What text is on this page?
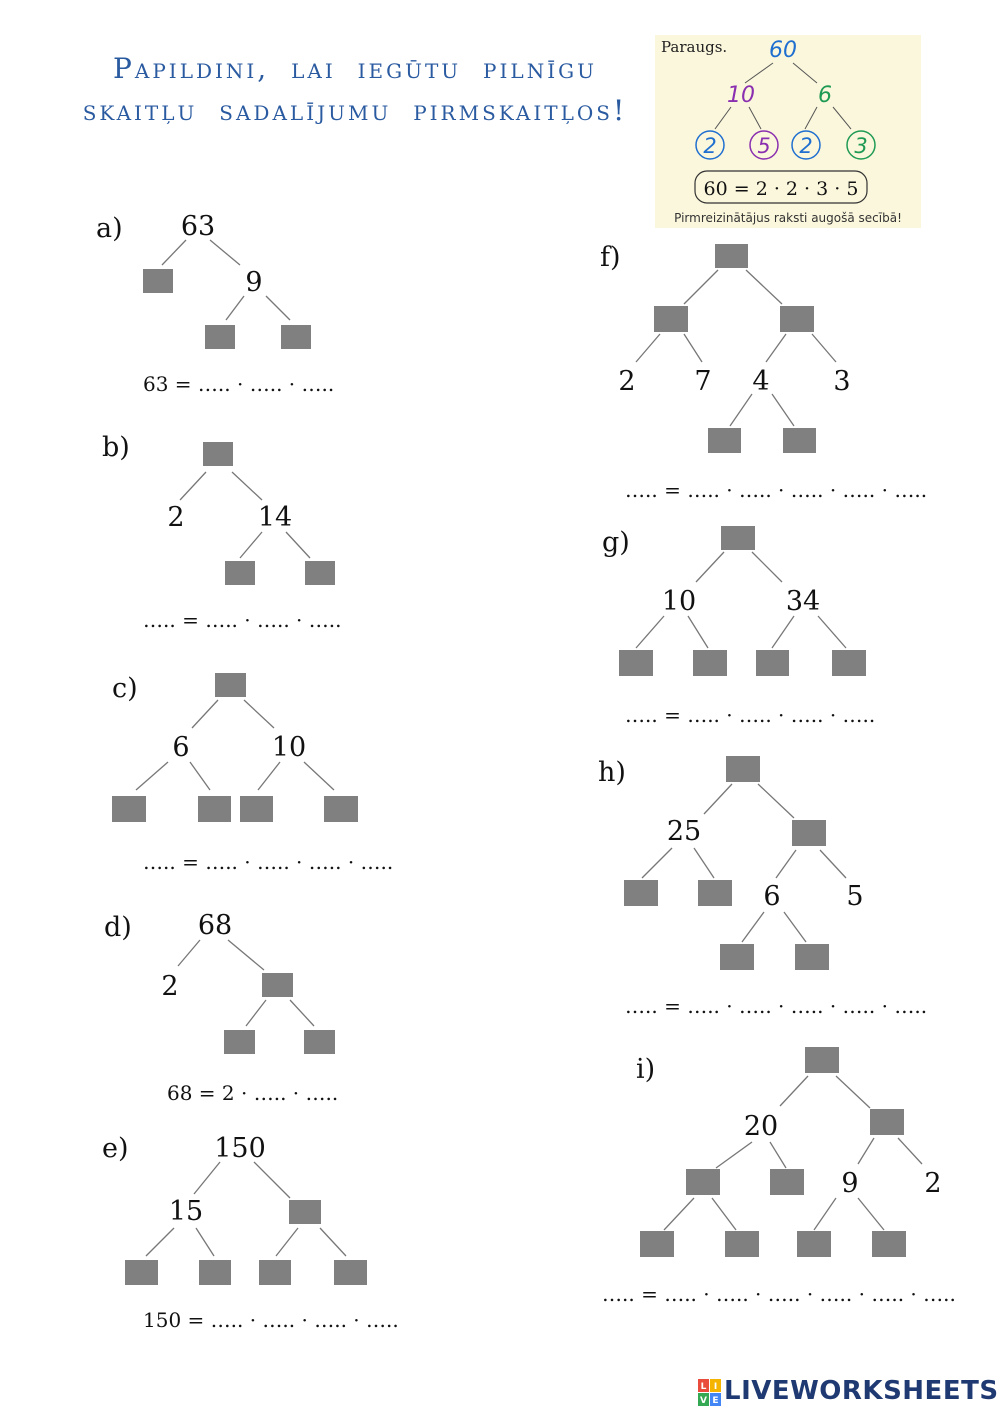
Papildini, lai iegūtu pilnīgu
skaitļu sadalījumu pirmskaitļos!
Paraugs. 60
10	6
2 5 2 3
60 = 2 · 2 · 3 · 5
Pirmreizinātājus raksti augošā secībā!
63
9
2	14
6	10
68
2
150
15
2 7 4 3
10	34
25
6 5
20
9 2
a)
b)
c)
d)
e)
f)
g)
h)
i)
63 = ….. · ….. · …..
….. = ….. · ….. · …..
….. = ….. · ….. · ….. · …..
68 = 2 · ….. · …..
150 = ….. · ….. · ….. · …..
….. = ….. · ….. · ….. · ….. · …..
….. = ….. · ….. · ….. · …..
….. = ….. · ….. · ….. · ….. · …..
….. = ….. · ….. · ….. · ….. · ….. · …..
L I
V E LIVEWORKSHEETS
